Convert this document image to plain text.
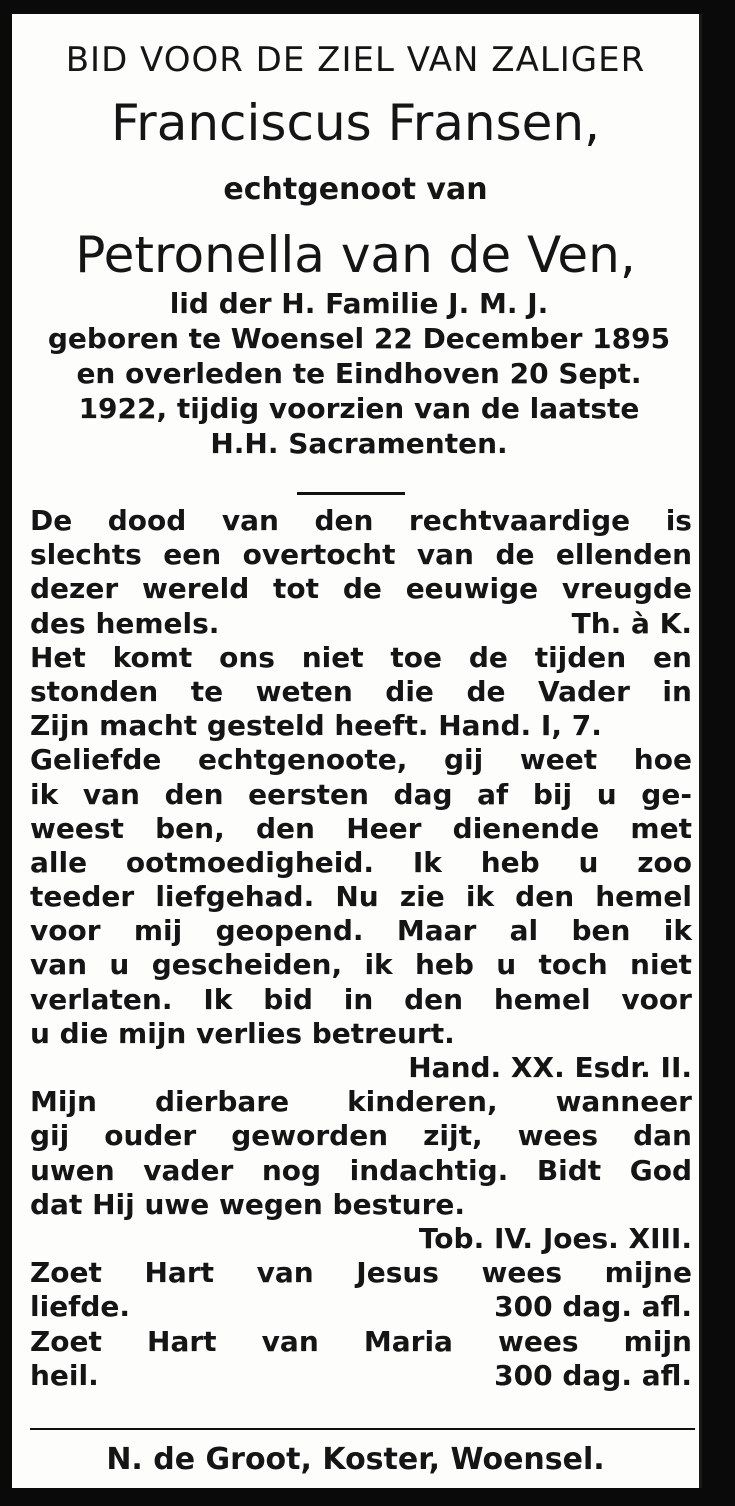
BID VOOR DE ZIEL VAN ZALIGER
Franciscus Fransen,
echtgenoot van
Petronella van de Ven,
lid der H. Familie J. M. J.
geboren te Woensel 22 December 1895
en overleden te Eindhoven 20 Sept.
1922, tijdig voorzien van de laatste
H.H. Sacramenten.
De dood van den rechtvaardige is
slechts een overtocht van de ellenden
dezer wereld tot de eeuwige vreugde
des hemels.	Th. à K.
Het komt ons niet toe de tijden en
stonden te weten die de Vader in
Zijn macht gesteld heeft. Hand. I, 7.
Geliefde echtgenoote, gij weet hoe
ik van den eersten dag af bij u ge-
weest ben, den Heer dienende met
alle ootmoedigheid. Ik heb u zoo
teeder liefgehad. Nu zie ik den hemel
voor mij geopend. Maar al ben ik
van u gescheiden, ik heb u toch niet
verlaten. Ik bid in den hemel voor
u die mijn verlies betreurt.
Hand. XX. Esdr. II.
Mijn dierbare kinderen, wanneer
gij ouder geworden zijt, wees dan
uwen vader nog indachtig. Bidt God
dat Hij uwe wegen besture.
Tob. IV. Joes. XIII.
Zoet Hart van Jesus wees mijne
liefde.	300 dag. afl.
Zoet Hart van Maria wees mijn
heil.	300 dag. afl.
N. de Groot, Koster, Woensel.
